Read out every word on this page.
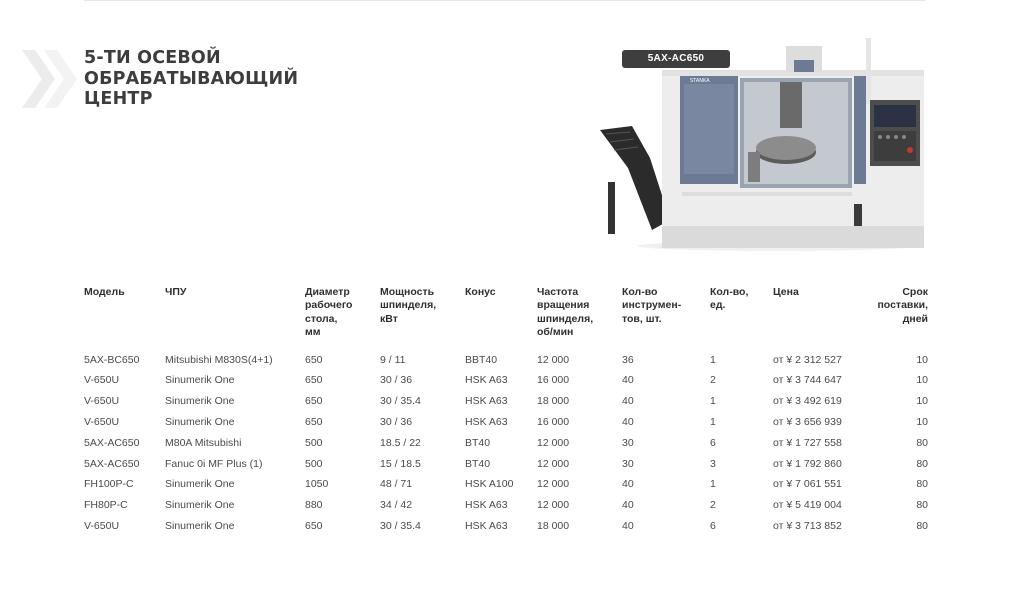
5-ТИ ОСЕВОЙ
ОБРАБАТЫВАЮЩИЙ
ЦЕНТР
STANKA
5AX-AC650
Модель	ЧПУ	Диаметр
рабочего
стола,
мм	Мощность
шпинделя,
кВт	Конус	Частота
вращения
шпинделя,
об/мин	Кол-во
инструмен-
тов, шт.	Кол-во,
ед.	Цена	Срок
поставки,
дней

5AX-BC650	Mitsubishi M830S(4+1)	650	9 / 11	BBT40	12 000	36	1	от ¥ 2 312 527	10
V-650U	Sinumerik One	650	30 / 36	HSK A63	16 000	40	2	от ¥ 3 744 647	10
V-650U	Sinumerik One	650	30 / 35.4	HSK A63	18 000	40	1	от ¥ 3 492 619	10
V-650U	Sinumerik One	650	30 / 36	HSK A63	16 000	40	1	от ¥ 3 656 939	10
5AX-AC650	M80A Mitsubishi	500	18.5 / 22	BT40	12 000	30	6	от ¥ 1 727 558	80
5AX-AC650	Fanuc 0i MF Plus (1)	500	15 / 18.5	BT40	12 000	30	3	от ¥ 1 792 860	80
FH100P-C	Sinumerik One	1050	48 / 71	HSK A100	12 000	40	1	от ¥ 7 061 551	80
FH80P-C	Sinumerik One	880	34 / 42	HSK A63	12 000	40	2	от ¥ 5 419 004	80
V-650U	Sinumerik One	650	30 / 35.4	HSK A63	18 000	40	6	от ¥ 3 713 852	80
